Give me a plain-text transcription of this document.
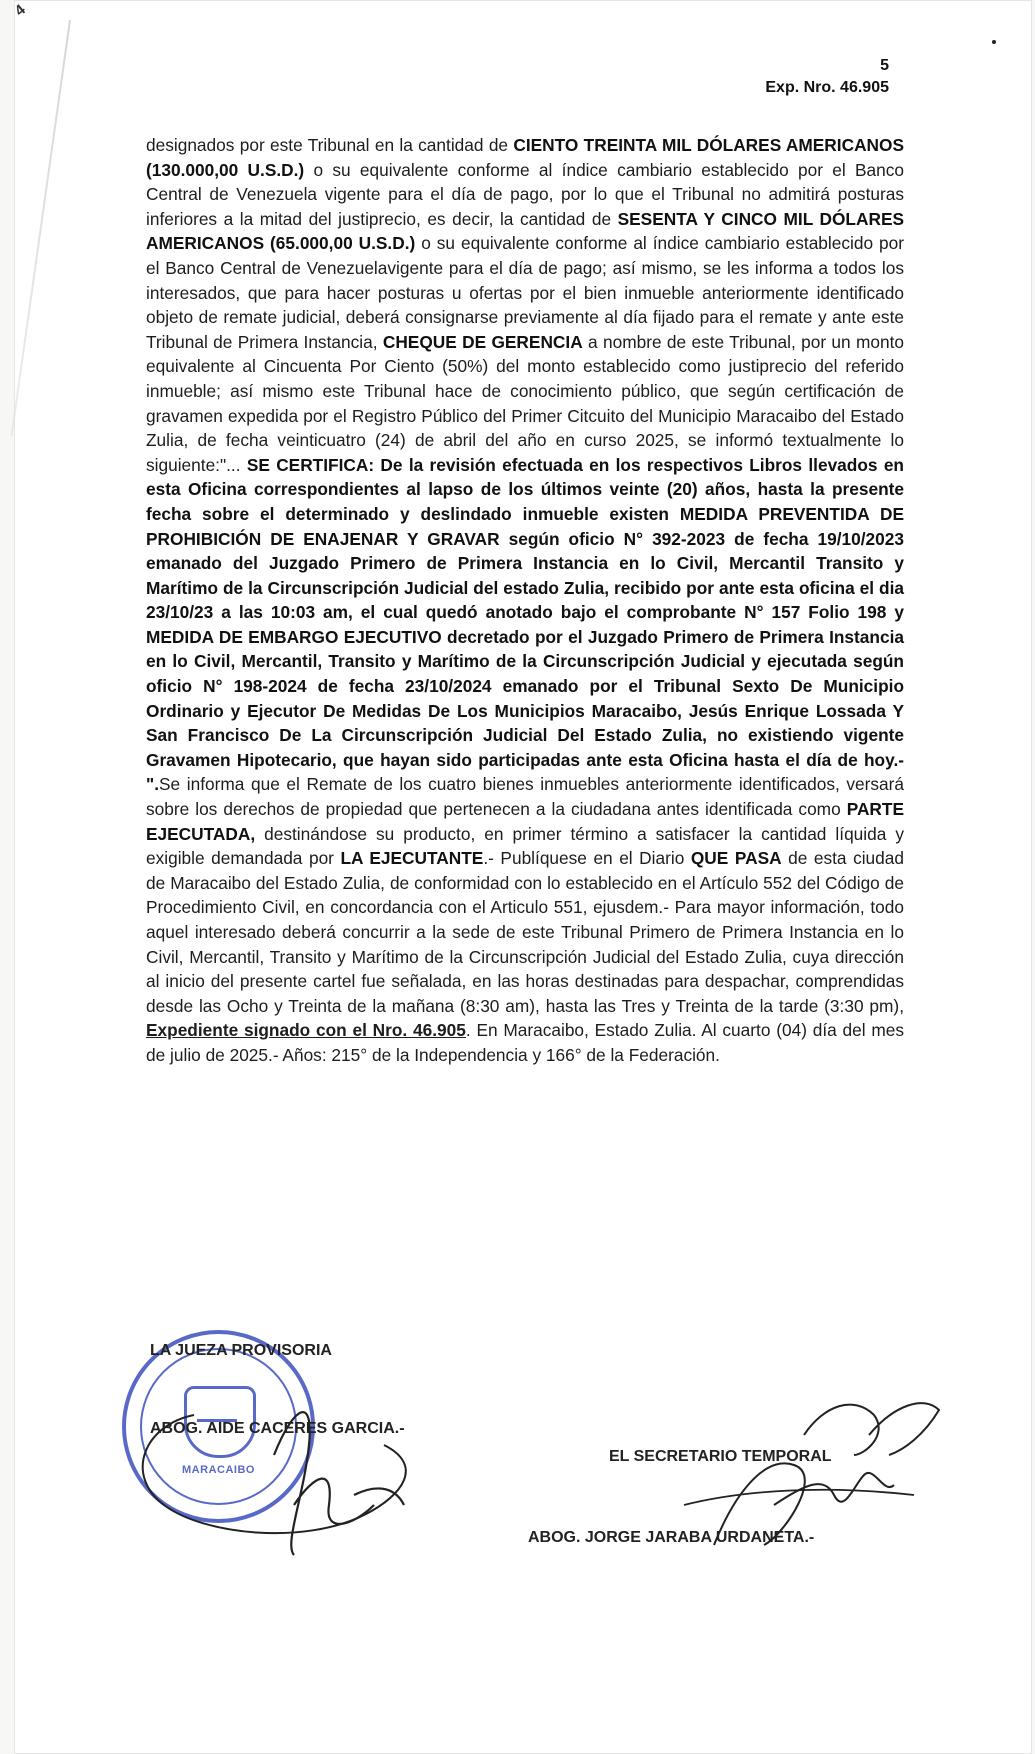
4
5
Exp. Nro. 46.905

designados por este Tribunal en la cantidad de CIENTO TREINTA MIL DÓLARES AMERICANOS (130.000,00 U.S.D.) o su equivalente conforme al índice cambiario establecido por el Banco Central de Venezuela vigente para el día de pago, por lo que el Tribunal no admitirá posturas inferiores a la mitad del justiprecio, es decir, la cantidad de SESENTA Y CINCO MIL DÓLARES AMERICANOS (65.000,00 U.S.D.) o su equivalente conforme al índice cambiario establecido por el Banco Central de Venezuelavigente para el día de pago; así mismo, se les informa a todos los interesados, que para hacer posturas u ofertas por el bien inmueble anteriormente identificado objeto de remate judicial, deberá consignarse previamente al día fijado para el remate y ante este Tribunal de Primera Instancia, CHEQUE DE GERENCIA a nombre de este Tribunal, por un monto equivalente al Cincuenta Por Ciento (50%) del monto establecido como justiprecio del referido inmueble; así mismo este Tribunal hace de conocimiento público, que según certificación de gravamen expedida por el Registro Público del Primer Citcuito del Municipio Maracaibo del Estado Zulia, de fecha veinticuatro (24) de abril del año en curso 2025, se informó textualmente lo siguiente:"... SE CERTIFICA: De la revisión efectuada en los respectivos Libros llevados en esta Oficina correspondientes al lapso de los últimos veinte (20) años, hasta la presente fecha sobre el determinado y deslindado inmueble existen MEDIDA PREVENTIDA DE PROHIBICIÓN DE ENAJENAR Y GRAVAR según oficio N° 392-2023 de fecha 19/10/2023 emanado del Juzgado Primero de Primera Instancia en lo Civil, Mercantil Transito y Marítimo de la Circunscripción Judicial del estado Zulia, recibido por ante esta oficina el dia 23/10/23 a las 10:03 am, el cual quedó anotado bajo el comprobante N° 157 Folio 198 y MEDIDA DE EMBARGO EJECUTIVO decretado por el Juzgado Primero de Primera Instancia en lo Civil, Mercantil, Transito y Marítimo de la Circunscripción Judicial y ejecutada según oficio N° 198-2024 de fecha 23/10/2024 emanado por el Tribunal Sexto De Municipio Ordinario y Ejecutor De Medidas De Los Municipios Maracaibo, Jesús Enrique Lossada Y San Francisco De La Circunscripción Judicial Del Estado Zulia, no existiendo vigente Gravamen Hipotecario, que hayan sido participadas ante esta Oficina hasta el día de hoy.-".Se informa que el Remate de los cuatro bienes inmuebles anteriormente identificados, versará sobre los derechos de propiedad que pertenecen a la ciudadana antes identificada como PARTE EJECUTADA, destinándose su producto, en primer término a satisfacer la cantidad líquida y exigible demandada por LA EJECUTANTE.- Publíquese en el Diario QUE PASA de esta ciudad de Maracaibo del Estado Zulia, de conformidad con lo establecido en el Artículo 552 del Código de Procedimiento Civil, en concordancia con el Articulo 551, ejusdem.- Para mayor información, todo aquel interesado deberá concurrir a la sede de este Tribunal Primero de Primera Instancia en lo Civil, Mercantil, Transito y Marítimo de la Circunscripción Judicial del Estado Zulia, cuya dirección al inicio del presente cartel fue señalada, en las horas destinadas para despachar, comprendidas desde las Ocho y Treinta de la mañana (8:30 am), hasta las Tres y Treinta de la tarde (3:30 pm), Expediente signado con el Nro. 46.905. En Maracaibo, Estado Zulia. Al cuarto (04) día del mes de julio de 2025.- Años: 215° de la Independencia y 166° de la Federación.

MARACAIBO
LA JUEZA PROVISORIA
ABOG. AIDE CACERES GARCIA.-
EL SECRETARIO TEMPORAL
ABOG. JORGE JARABA URDANETA.-
